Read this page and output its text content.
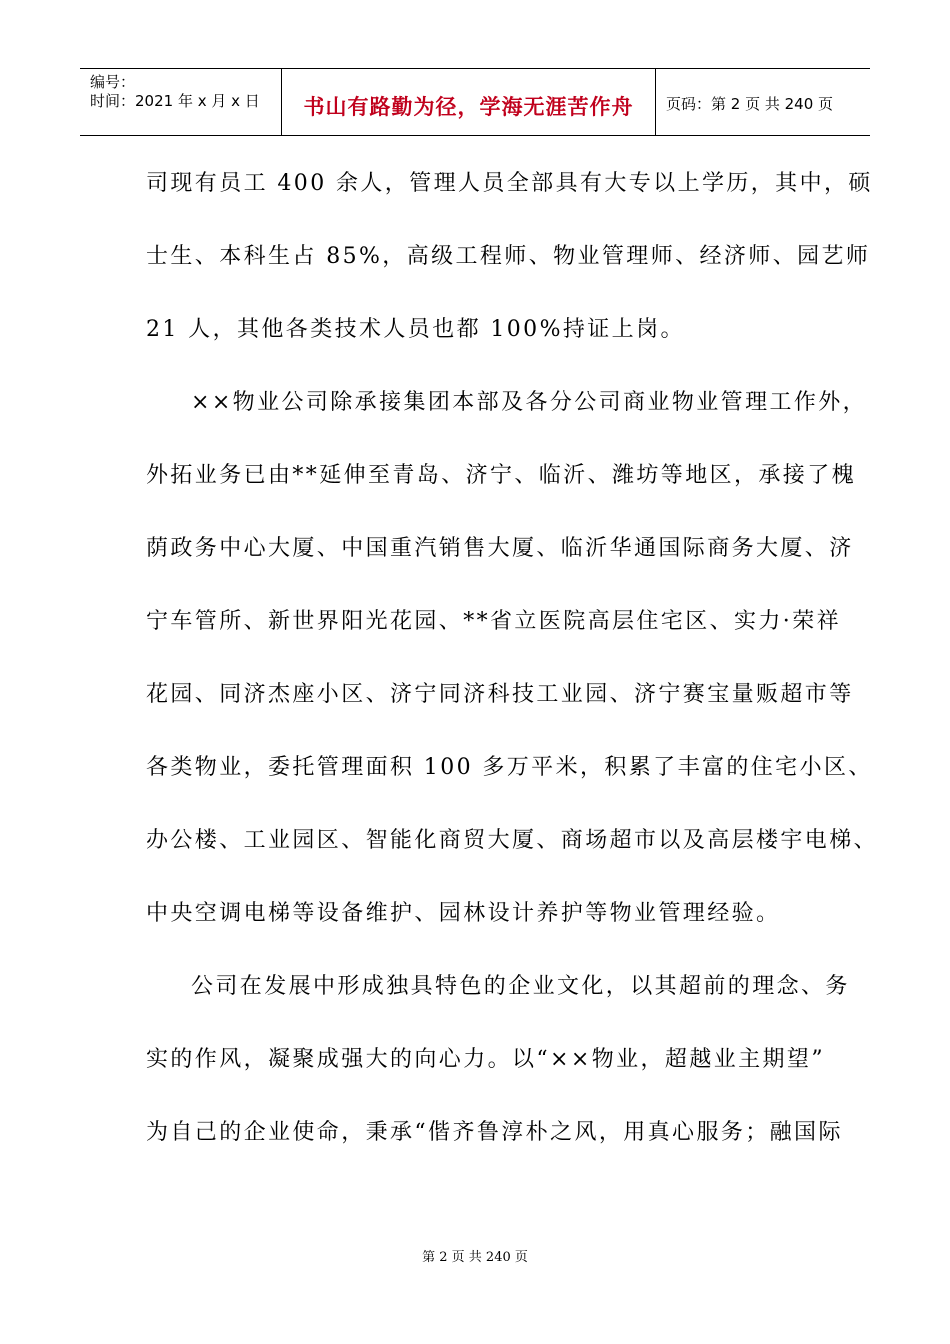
编号：
时间：2021 年 x 月 x 日	书山有路勤为径，学海无涯苦作舟	页码：第 2 页 共 240 页
司现有员工 400 余人，管理人员全部具有大专以上学历，其中，硕
士生、本科生占 85%，高级工程师、物业管理师、经济师、园艺师
21 人，其他各类技术人员也都 100%持证上岗。
××物业公司除承接集团本部及各分公司商业物业管理工作外，
外拓业务已由**延伸至青岛、济宁、临沂、潍坊等地区，承接了槐
荫政务中心大厦、中国重汽销售大厦、临沂华通国际商务大厦、济
宁车管所、新世界阳光花园、**省立医院高层住宅区、实力·荣祥
花园、同济杰座小区、济宁同济科技工业园、济宁赛宝量贩超市等
各类物业，委托管理面积 100 多万平米，积累了丰富的住宅小区、
办公楼、工业园区、智能化商贸大厦、商场超市以及高层楼宇电梯、
中央空调电梯等设备维护、园林设计养护等物业管理经验。
公司在发展中形成独具特色的企业文化，以其超前的理念、务
实的作风，凝聚成强大的向心力。以“××物业，超越业主期望”
为自己的企业使命，秉承“偕齐鲁淳朴之风，用真心服务；融国际
第 2 页 共 240 页
